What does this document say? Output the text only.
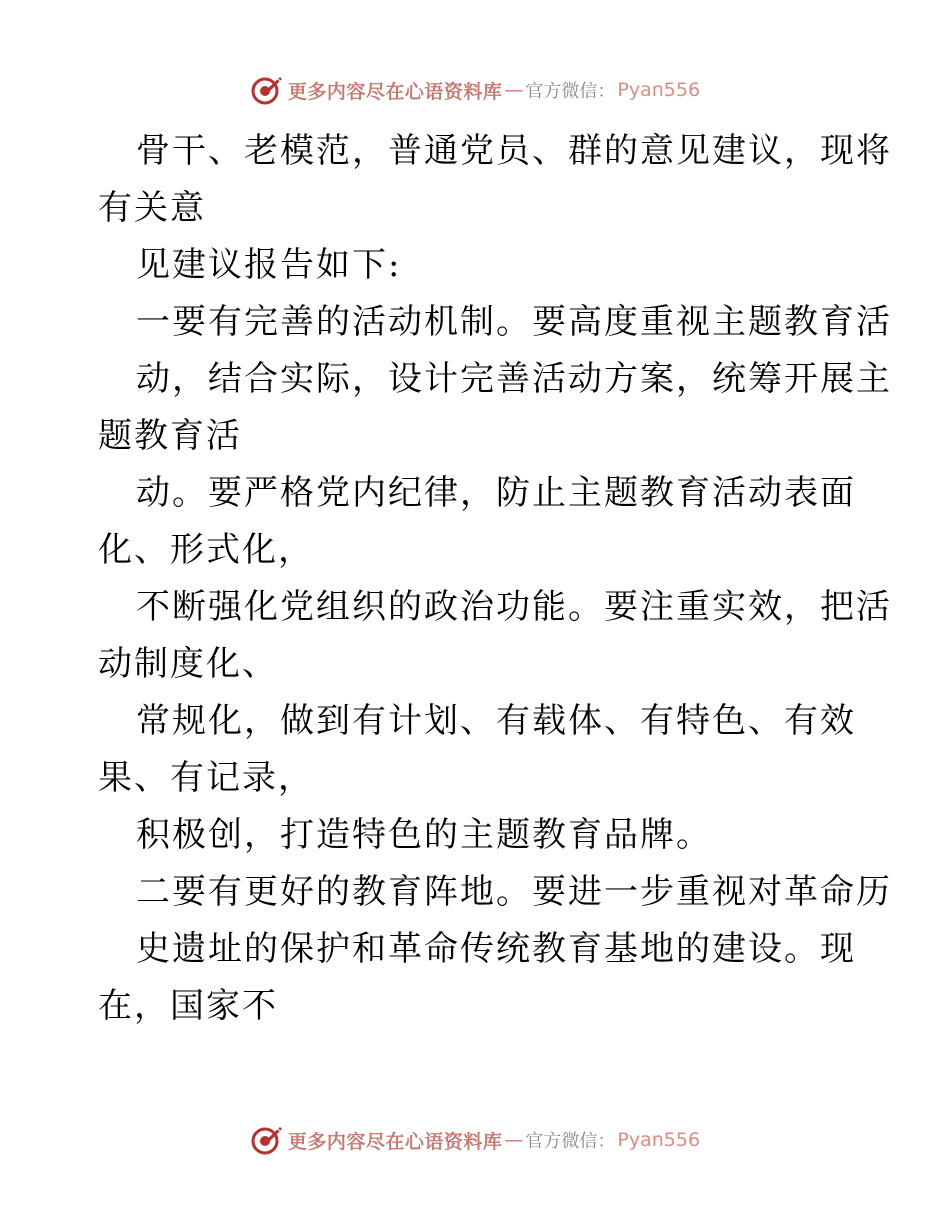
更多内容尽在心语资料库 — 官方微信： Pyan556
骨干、老模范，普通党员、群的意见建议，现将
有关意
见建议报告如下:
一要有完善的活动机制。要高度重视主题教育活
动，结合实际，设计完善活动方案，统筹开展主
题教育活
动。要严格党内纪律，防止主题教育活动表面
化、形式化，
不断强化党组织的政治功能。要注重实效，把活
动制度化、
常规化，做到有计划、有载体、有特色、有效
果、有记录，
积极创，打造特色的主题教育品牌。
二要有更好的教育阵地。要进一步重视对革命历
史遗址的保护和革命传统教育基地的建设。现
在，国家不
更多内容尽在心语资料库 — 官方微信： Pyan556
